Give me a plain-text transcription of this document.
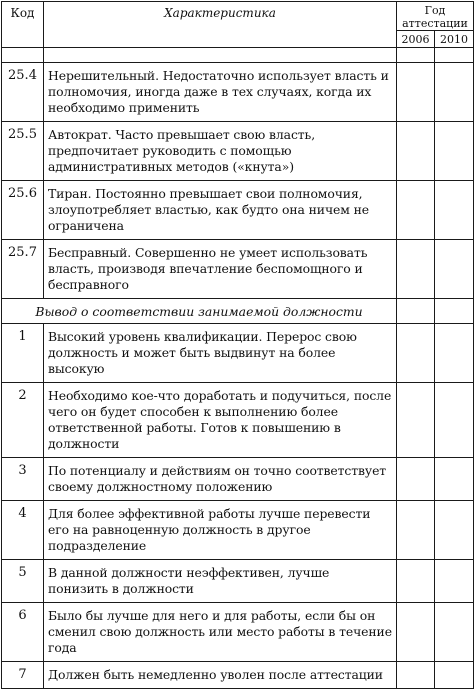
Код	Характеристика	Год аттестации	
		2006	2010

25.4	Нерешительный. Недостаточно использует власть и полномочия, иногда даже в тех случаях, когда их необходимо применить		
25.5	Автократ. Часто превышает свою власть, предпочитает руководить с помощью административных методов («кнута»)		
25.6	Тиран. Постоянно превышает свои полномочия, злоупотребляет властью, как будто она ничем не ограничена		
25.7	Бесправный. Совершенно не умеет использовать власть, производя впечатление беспомощного и бесправного		
Вывод о соответствии занимаемой должности			
1	Высокий уровень квалификации. Перерос свою должность и может быть выдвинут на более высокую		
2	Необходимо кое-что доработать и подучиться, после чего он будет способен к выполнению более ответственной работы. Готов к повышению в должности		
3	По потенциалу и действиям он точно соответствует своему должностному положению		
4	Для более эффективной работы лучше перевести его на равноценную должность в другое подразделение		
5	В данной должности неэффективен, лучше понизить в должности		
6	Было бы лучше для него и для работы, если бы он сменил свою должность или место работы в течение года		
7	Должен быть немедленно уволен после аттестации		
